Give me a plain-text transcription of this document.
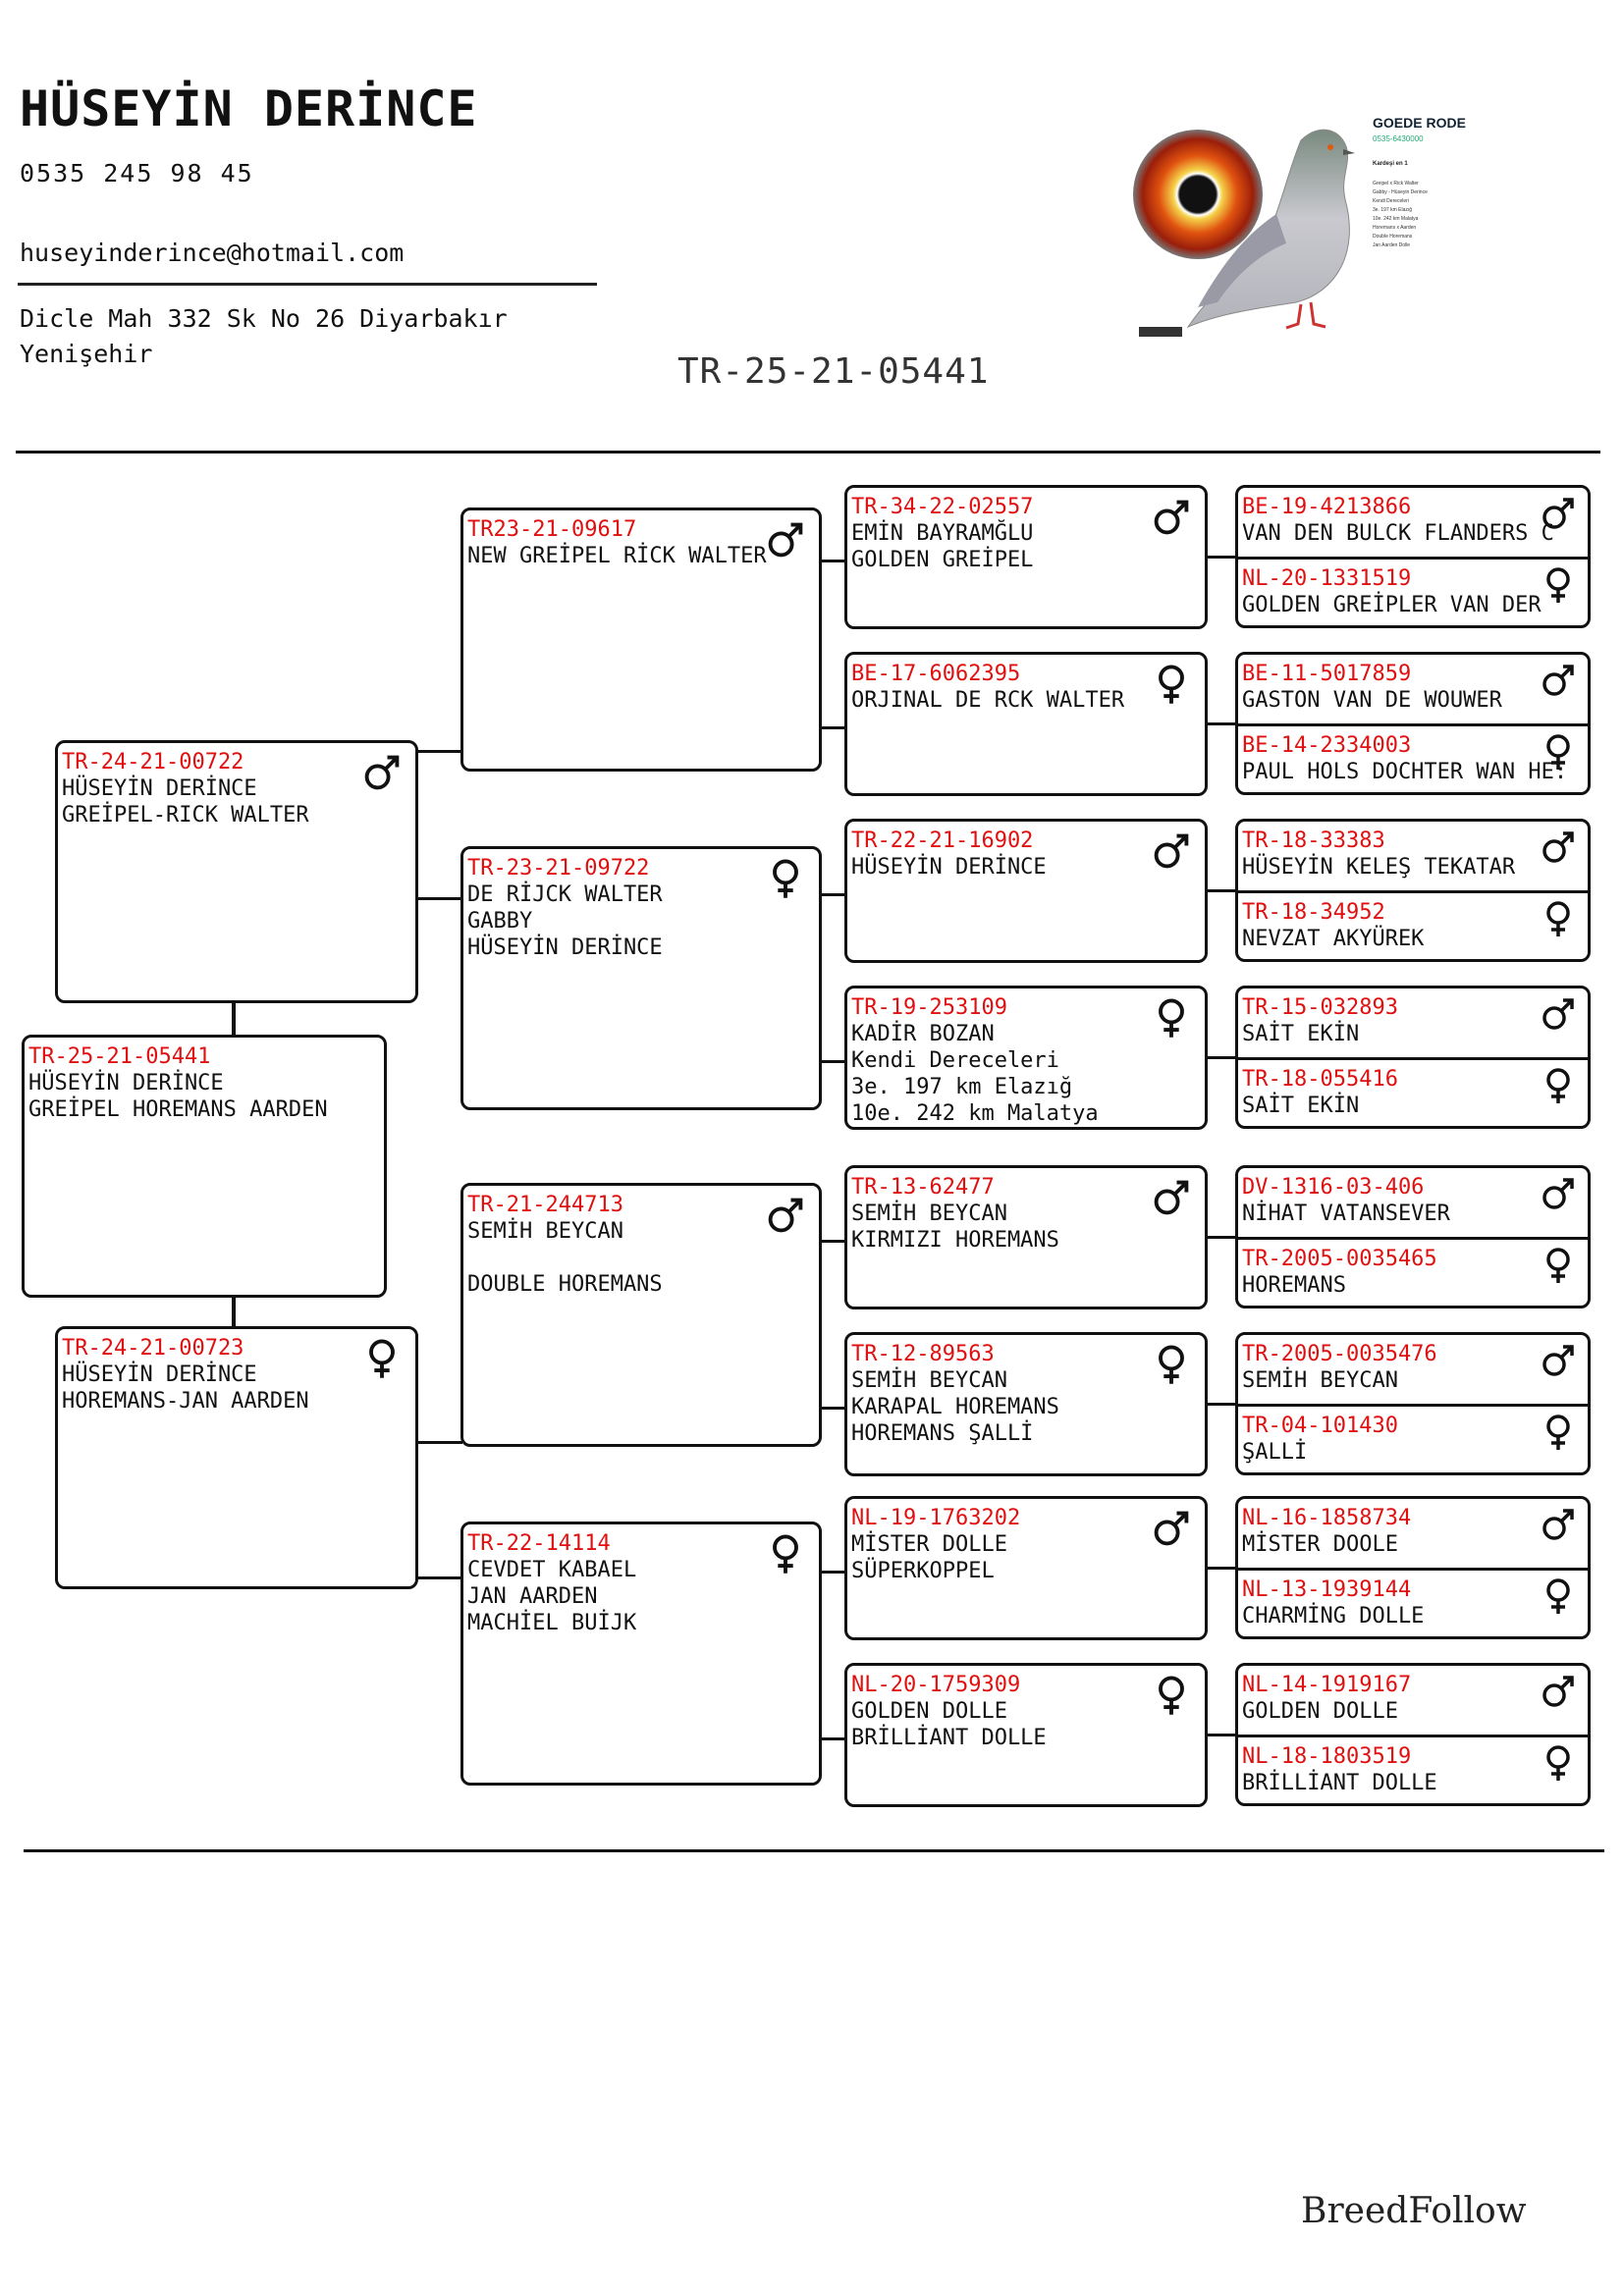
HÜSEYİN DERİNCE
0535 245 98 45
huseyinderince@hotmail.com
Dicle Mah 332 Sk No 26 Diyarbakır
Yenişehir	TR-25-21-05441
GOEDE RODE
0535-6430000
Kardeşi en 1
Greipel x Rick Walter
Gabby - Hüseyin Derince
Kendi Dereceleri
3e. 197 km Elazığ
10e. 242 km Malatya
Horemans x Aarden
Double Horemans
Jan Aarden Dolle
TR-25-21-05441
HÜSEYİN DERİNCE
GREİPEL HOREMANS AARDEN
TR-24-21-00722
HÜSEYİN DERİNCE
GREİPEL-RICK WALTER
TR-24-21-00723
HÜSEYİN DERİNCE
HOREMANS-JAN AARDEN
TR23-21-09617
NEW GREİPEL RİCK WALTER
TR-23-21-09722
DE RİJCK WALTER
GABBY
HÜSEYİN DERİNCE
TR-21-244713
SEMİH BEYCAN
DOUBLE HOREMANS
TR-22-14114
CEVDET KABAEL
JAN AARDEN
MACHİEL BUİJK
TR-34-22-02557
EMİN BAYRAMĞLU
GOLDEN GREİPEL
BE-17-6062395
ORJINAL DE RCK WALTER
TR-22-21-16902
HÜSEYİN DERİNCE
TR-19-253109
KADİR BOZAN
Kendi Dereceleri
3e. 197 km Elazığ
10e. 242 km Malatya
TR-13-62477
SEMİH BEYCAN
KIRMIZI HOREMANS
TR-12-89563
SEMİH BEYCAN
KARAPAL HOREMANS
HOREMANS ŞALLİ
NL-19-1763202
MİSTER DOLLE
SÜPERKOPPEL
NL-20-1759309
GOLDEN DOLLE
BRİLLİANT DOLLE
BE-19-4213866
VAN DEN BULCK FLANDERS C
NL-20-1331519
GOLDEN GREİPLER VAN DER
BE-11-5017859
GASTON VAN DE WOUWER
BE-14-2334003
PAUL HOLS DOCHTER WAN HE:
TR-18-33383
HÜSEYİN KELEŞ TEKATAR
TR-18-34952
NEVZAT AKYÜREK
TR-15-032893
SAİT EKİN
TR-18-055416
SAİT EKİN
DV-1316-03-406
NİHAT VATANSEVER
TR-2005-0035465
HOREMANS
TR-2005-0035476
SEMİH BEYCAN
TR-04-101430
ŞALLİ
NL-16-1858734
MİSTER DOOLE
NL-13-1939144
CHARMİNG DOLLE
NL-14-1919167
GOLDEN DOLLE
NL-18-1803519
BRİLLİANT DOLLE
BreedFollow
